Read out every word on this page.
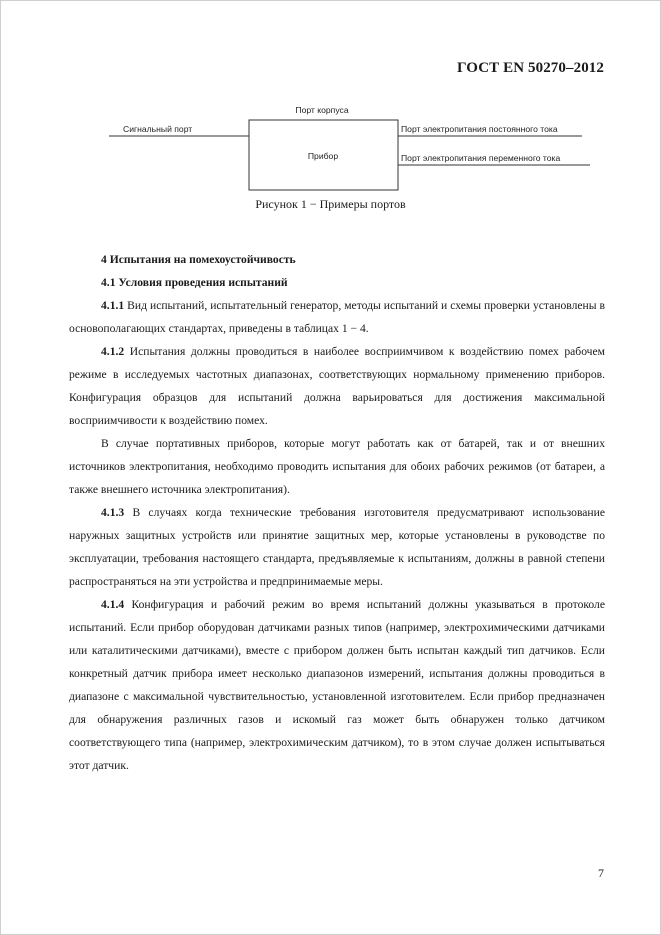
ГОСТ EN 50270–2012
Порт корпуса
Прибор
Сигнальный порт	Порт электропитания постоянного тока
Порт электропитания переменного тока
Рисунок 1 − Примеры портов
4 Испытания на помехоустойчивость
4.1 Условия проведения испытаний

4.1.1 Вид испытаний, испытательный генератор, методы испытаний и схемы проверки установлены в основополагающих стандартах, приведены в таблицах 1 − 4.

4.1.2 Испытания должны проводиться в наиболее восприимчивом к воздействию помех рабочем режиме в исследуемых частотных диапазонах, соответствующих нормальному применению приборов. Конфигурация образцов для испытаний должна варьироваться для достижения максимальной восприимчивости к воздействию помех.

В случае портативных приборов, которые могут работать как от батарей, так и от внешних источников электропитания, необходимо проводить испытания для обоих рабочих режимов (от батареи, а также внешнего источника электропитания).

4.1.3 В случаях когда технические требования изготовителя предусматривают использование наружных защитных устройств или принятие защитных мер, которые установлены в руководстве по эксплуатации, требования настоящего стандарта, предъявляемые к испытаниям, должны в равной степени распространяться на эти устройства и предпринимаемые меры.

4.1.4 Конфигурация и рабочий режим во время испытаний должны указываться в протоколе испытаний. Если прибор оборудован датчиками разных типов (например, электрохимическими датчиками или каталитическими датчиками), вместе с прибором должен быть испытан каждый тип датчиков. Если конкретный датчик прибора имеет несколько диапазонов измерений, испытания должны проводиться в диапазоне с максимальной чувствительностью, установленной изготовителем. Если прибор предназначен для обнаружения различных газов и искомый газ может быть обнаружен только датчиком соответствующего типа (например, электрохимическим датчиком), то в этом случае должен испытываться этот датчик.

7
